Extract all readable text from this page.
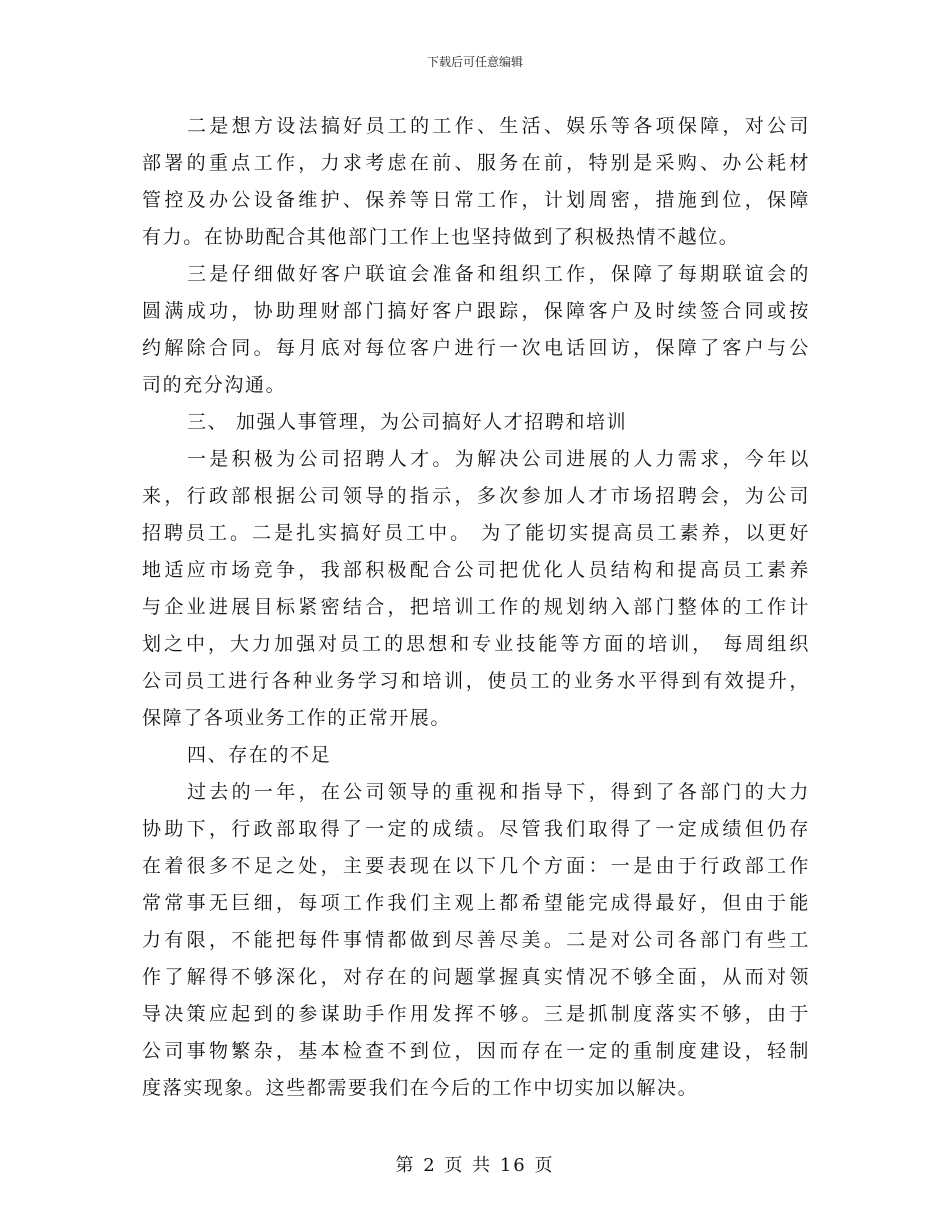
下载后可任意编辑
二是想方设法搞好员工的工作、生活、娱乐等各项保障，对公司
部署的重点工作，力求考虑在前、服务在前，特别是采购、办公耗材
管控及办公设备维护、保养等日常工作，计划周密，措施到位，保障
有力。在协助配合其他部门工作上也坚持做到了积极热情不越位。
三是仔细做好客户联谊会准备和组织工作，保障了每期联谊会的
圆满成功，协助理财部门搞好客户跟踪，保障客户及时续签合同或按
约解除合同。每月底对每位客户进行一次电话回访，保障了客户与公
司的充分沟通。
三、 加强人事管理，为公司搞好人才招聘和培训
一是积极为公司招聘人才。为解决公司进展的人力需求，今年以
来，行政部根据公司领导的指示，多次参加人才市场招聘会，为公司
招聘员工。二是扎实搞好员工中。 为了能切实提高员工素养，以更好
地适应市场竞争，我部积极配合公司把优化人员结构和提高员工素养
与企业进展目标紧密结合，把培训工作的规划纳入部门整体的工作计
划之中，大力加强对员工的思想和专业技能等方面的培训， 每周组织
公司员工进行各种业务学习和培训，使员工的业务水平得到有效提升，
保障了各项业务工作的正常开展。
四、存在的不足
过去的一年，在公司领导的重视和指导下，得到了各部门的大力
协助下，行政部取得了一定的成绩。尽管我们取得了一定成绩但仍存
在着很多不足之处，主要表现在以下几个方面：一是由于行政部工作
常常事无巨细，每项工作我们主观上都希望能完成得最好，但由于能
力有限，不能把每件事情都做到尽善尽美。二是对公司各部门有些工
作了解得不够深化，对存在的问题掌握真实情况不够全面，从而对领
导决策应起到的参谋助手作用发挥不够。三是抓制度落实不够，由于
公司事物繁杂，基本检查不到位，因而存在一定的重制度建设，轻制
度落实现象。这些都需要我们在今后的工作中切实加以解决。
第 2 页 共 16 页
